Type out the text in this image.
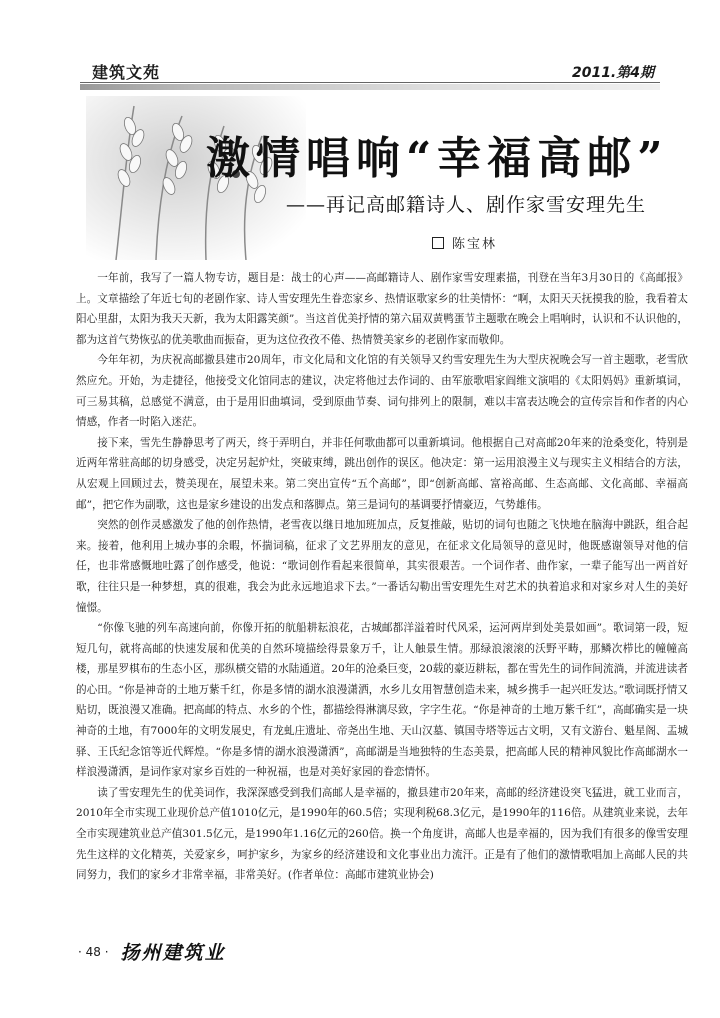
建筑文苑	2011.第4期
激情唱响“幸福高邮”
——再记高邮籍诗人、剧作家雪安理先生
陈宝林

一年前，我写了一篇人物专访，题目是：战士的心声——高邮籍诗人、剧作家雪安理素描，刊登在当年3月30日的《高邮报》上。文章描绘了年近七旬的老剧作家、诗人雪安理先生眷恋家乡、热情讴歌家乡的壮美情怀：“啊，太阳天天抚摸我的脸，我看着太阳心里甜，太阳为我天天新，我为太阳露笑颜”。当这首优美抒情的第六届双黄鸭蛋节主题歌在晚会上唱响时，认识和不认识他的，都为这首气势恢弘的优美歌曲而振奋，更为这位孜孜不倦、热情赞美家乡的老剧作家而敬仰。

今年年初，为庆祝高邮撤县建市20周年，市文化局和文化馆的有关领导又约雪安理先生为大型庆祝晚会写一首主题歌，老雪欣然应允。开始，为走捷径，他接受文化馆同志的建议，决定将他过去作词的、由军旅歌唱家阎维文演唱的《太阳妈妈》重新填词，可三易其稿，总感觉不满意，由于是用旧曲填词，受到原曲节奏、词句排列上的限制，难以丰富表达晚会的宣传宗旨和作者的内心情感，作者一时陷入迷茫。

接下来，雪先生静静思考了两天，终于弄明白，并非任何歌曲都可以重新填词。他根据自己对高邮20年来的沧桑变化，特别是近两年常驻高邮的切身感受，决定另起炉灶，突破束缚，跳出创作的误区。他决定：第一运用浪漫主义与现实主义相结合的方法，从宏观上回顾过去，赞美现在，展望未来。第二突出宣传“五个高邮”，即“创新高邮、富裕高邮、生态高邮、文化高邮、幸福高邮”，把它作为副歌，这也是家乡建设的出发点和落脚点。第三是词句的基调要抒情豪迈，气势雄伟。

突然的创作灵感激发了他的创作热情，老雪夜以继日地加班加点，反复推敲，贴切的词句也随之飞快地在脑海中跳跃，组合起来。接着，他利用上城办事的余暇，怀揣词稿，征求了文艺界朋友的意见，在征求文化局领导的意见时，他既感谢领导对他的信任，也非常感慨地吐露了创作感受，他说：“歌词创作看起来很简单，其实很艰苦。一个词作者、曲作家，一辈子能写出一两首好歌，往往只是一种梦想，真的很难，我会为此永远地追求下去。”一番话勾勒出雪安理先生对艺术的执着追求和对家乡对人生的美好憧憬。

“你像飞驰的列车高速向前，你像开拓的航船耕耘浪花，古城邮都洋溢着时代风采，运河两岸到处美景如画”。歌词第一段，短短几句，就将高邮的快速发展和优美的自然环境描绘得景象万千，让人触景生情。那绿浪滚滚的沃野平畴，那鳞次栉比的幢幢高楼，那星罗棋布的生态小区，那纵横交错的水陆通道。20年的沧桑巨变，20载的豪迈耕耘，都在雪先生的词作间流淌，并流进读者的心田。“你是神奇的土地万紫千红，你是多情的湖水浪漫潇洒，水乡儿女用智慧创造未来，城乡携手一起兴旺发达。”歌词既抒情又贴切，既浪漫又准确。把高邮的特点、水乡的个性，都描绘得淋漓尽致，字字生花。“你是神奇的土地万紫千红”，高邮确实是一块神奇的土地，有7000年的文明发展史，有龙虬庄遗址、帝尧出生地、天山汉墓、镇国寺塔等远古文明，又有文游台、魁星阁、盂城驿、王氏纪念馆等近代辉煌。“你是多情的湖水浪漫潇洒”，高邮湖是当地独特的生态美景，把高邮人民的精神风貌比作高邮湖水一样浪漫潇洒，是词作家对家乡百姓的一种祝福，也是对美好家园的眷恋情怀。

读了雪安理先生的优美词作，我深深感受到我们高邮人是幸福的，撤县建市20年来，高邮的经济建设突飞猛进，就工业而言，2010年全市实现工业现价总产值1010亿元，是1990年的60.5倍；实现利税68.3亿元，是1990年的116倍。从建筑业来说，去年全市实现建筑业总产值301.5亿元，是1990年1.16亿元的260倍。换一个角度讲，高邮人也是幸福的，因为我们有很多的像雪安理先生这样的文化精英，关爱家乡，呵护家乡，为家乡的经济建设和文化事业出力流汗。正是有了他们的激情歌唱加上高邮人民的共同努力，我们的家乡才非常幸福，非常美好。(作者单位：高邮市建筑业协会)

· 48 · 扬州建筑业
